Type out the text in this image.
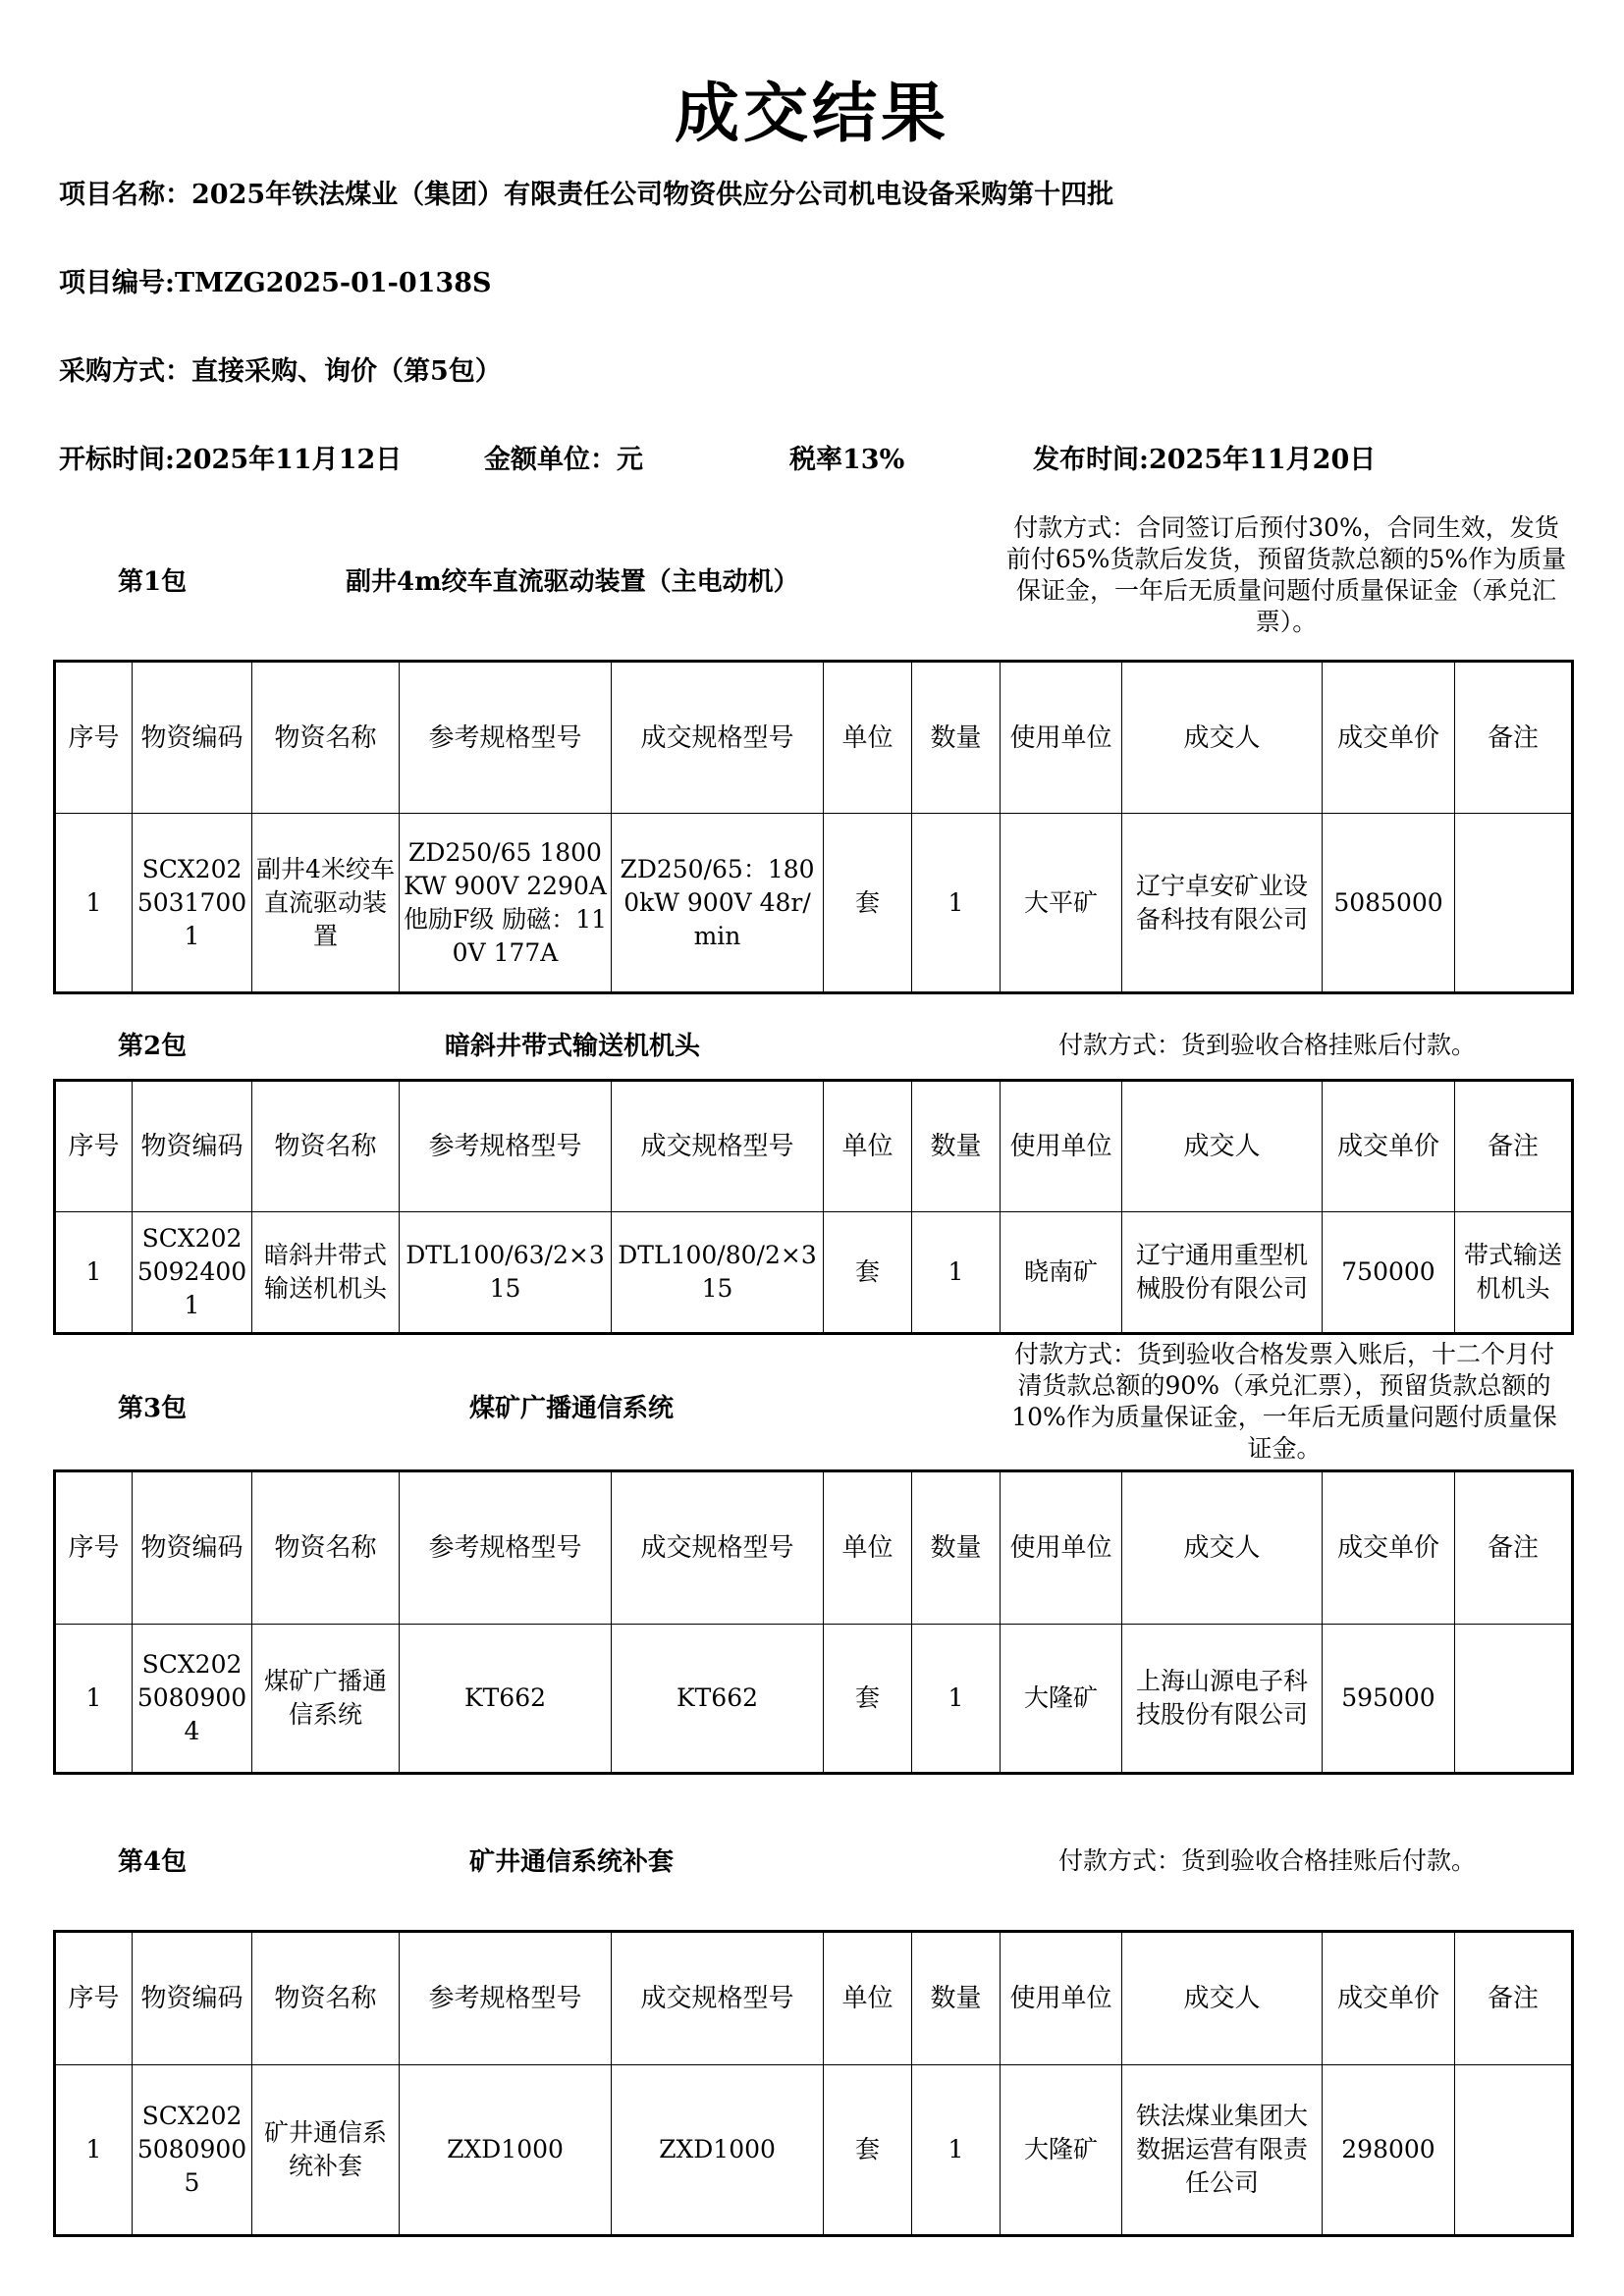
成交结果
项目名称：2025年铁法煤业（集团）有限责任公司物资供应分公司机电设备采购第十四批
项目编号:TMZG2025-01-0138S
采购方式：直接采购、询价（第5包）
开标时间:2025年11月12日	金额单位：元	税率13%	发布时间:2025年11月20日
第1包	副井4m绞车直流驱动装置（主电动机）
付款方式：合同签订后预付30%，合同生效，发货前付65%货款后发货，预留货款总额的5%作为质量保证金，一年后无质量问题付质量保证金（承兑汇票）。
序号	物资编码	物资名称	参考规格型号	成交规格型号	单位	数量	使用单位	成交人	成交单价	备注
1	SCX20250317001	副井4米绞车直流驱动装置	ZD250/65 1800KW 900V 2290A他励F级 励磁：110V 177A	ZD250/65：1800kW 900V 48r/min	套	1	大平矿	辽宁卓安矿业设备科技有限公司	5085000	
第2包	暗斜井带式输送机机头	付款方式：货到验收合格挂账后付款。
序号	物资编码	物资名称	参考规格型号	成交规格型号	单位	数量	使用单位	成交人	成交单价	备注
1	SCX20250924001	暗斜井带式输送机机头	DTL100/63/2×315	DTL100/80/2×315	套	1	晓南矿	辽宁通用重型机械股份有限公司	750000	带式输送机机头
第3包	煤矿广播通信系统
付款方式：货到验收合格发票入账后，十二个月付清货款总额的90%（承兑汇票），预留货款总额的10%作为质量保证金，一年后无质量问题付质量保证金。
序号	物资编码	物资名称	参考规格型号	成交规格型号	单位	数量	使用单位	成交人	成交单价	备注
1	SCX20250809004	煤矿广播通信系统	KT662	KT662	套	1	大隆矿	上海山源电子科技股份有限公司	595000	
第4包	矿井通信系统补套	付款方式：货到验收合格挂账后付款。
序号	物资编码	物资名称	参考规格型号	成交规格型号	单位	数量	使用单位	成交人	成交单价	备注
1	SCX20250809005	矿井通信系统补套	ZXD1000	ZXD1000	套	1	大隆矿	铁法煤业集团大数据运营有限责任公司	298000	
